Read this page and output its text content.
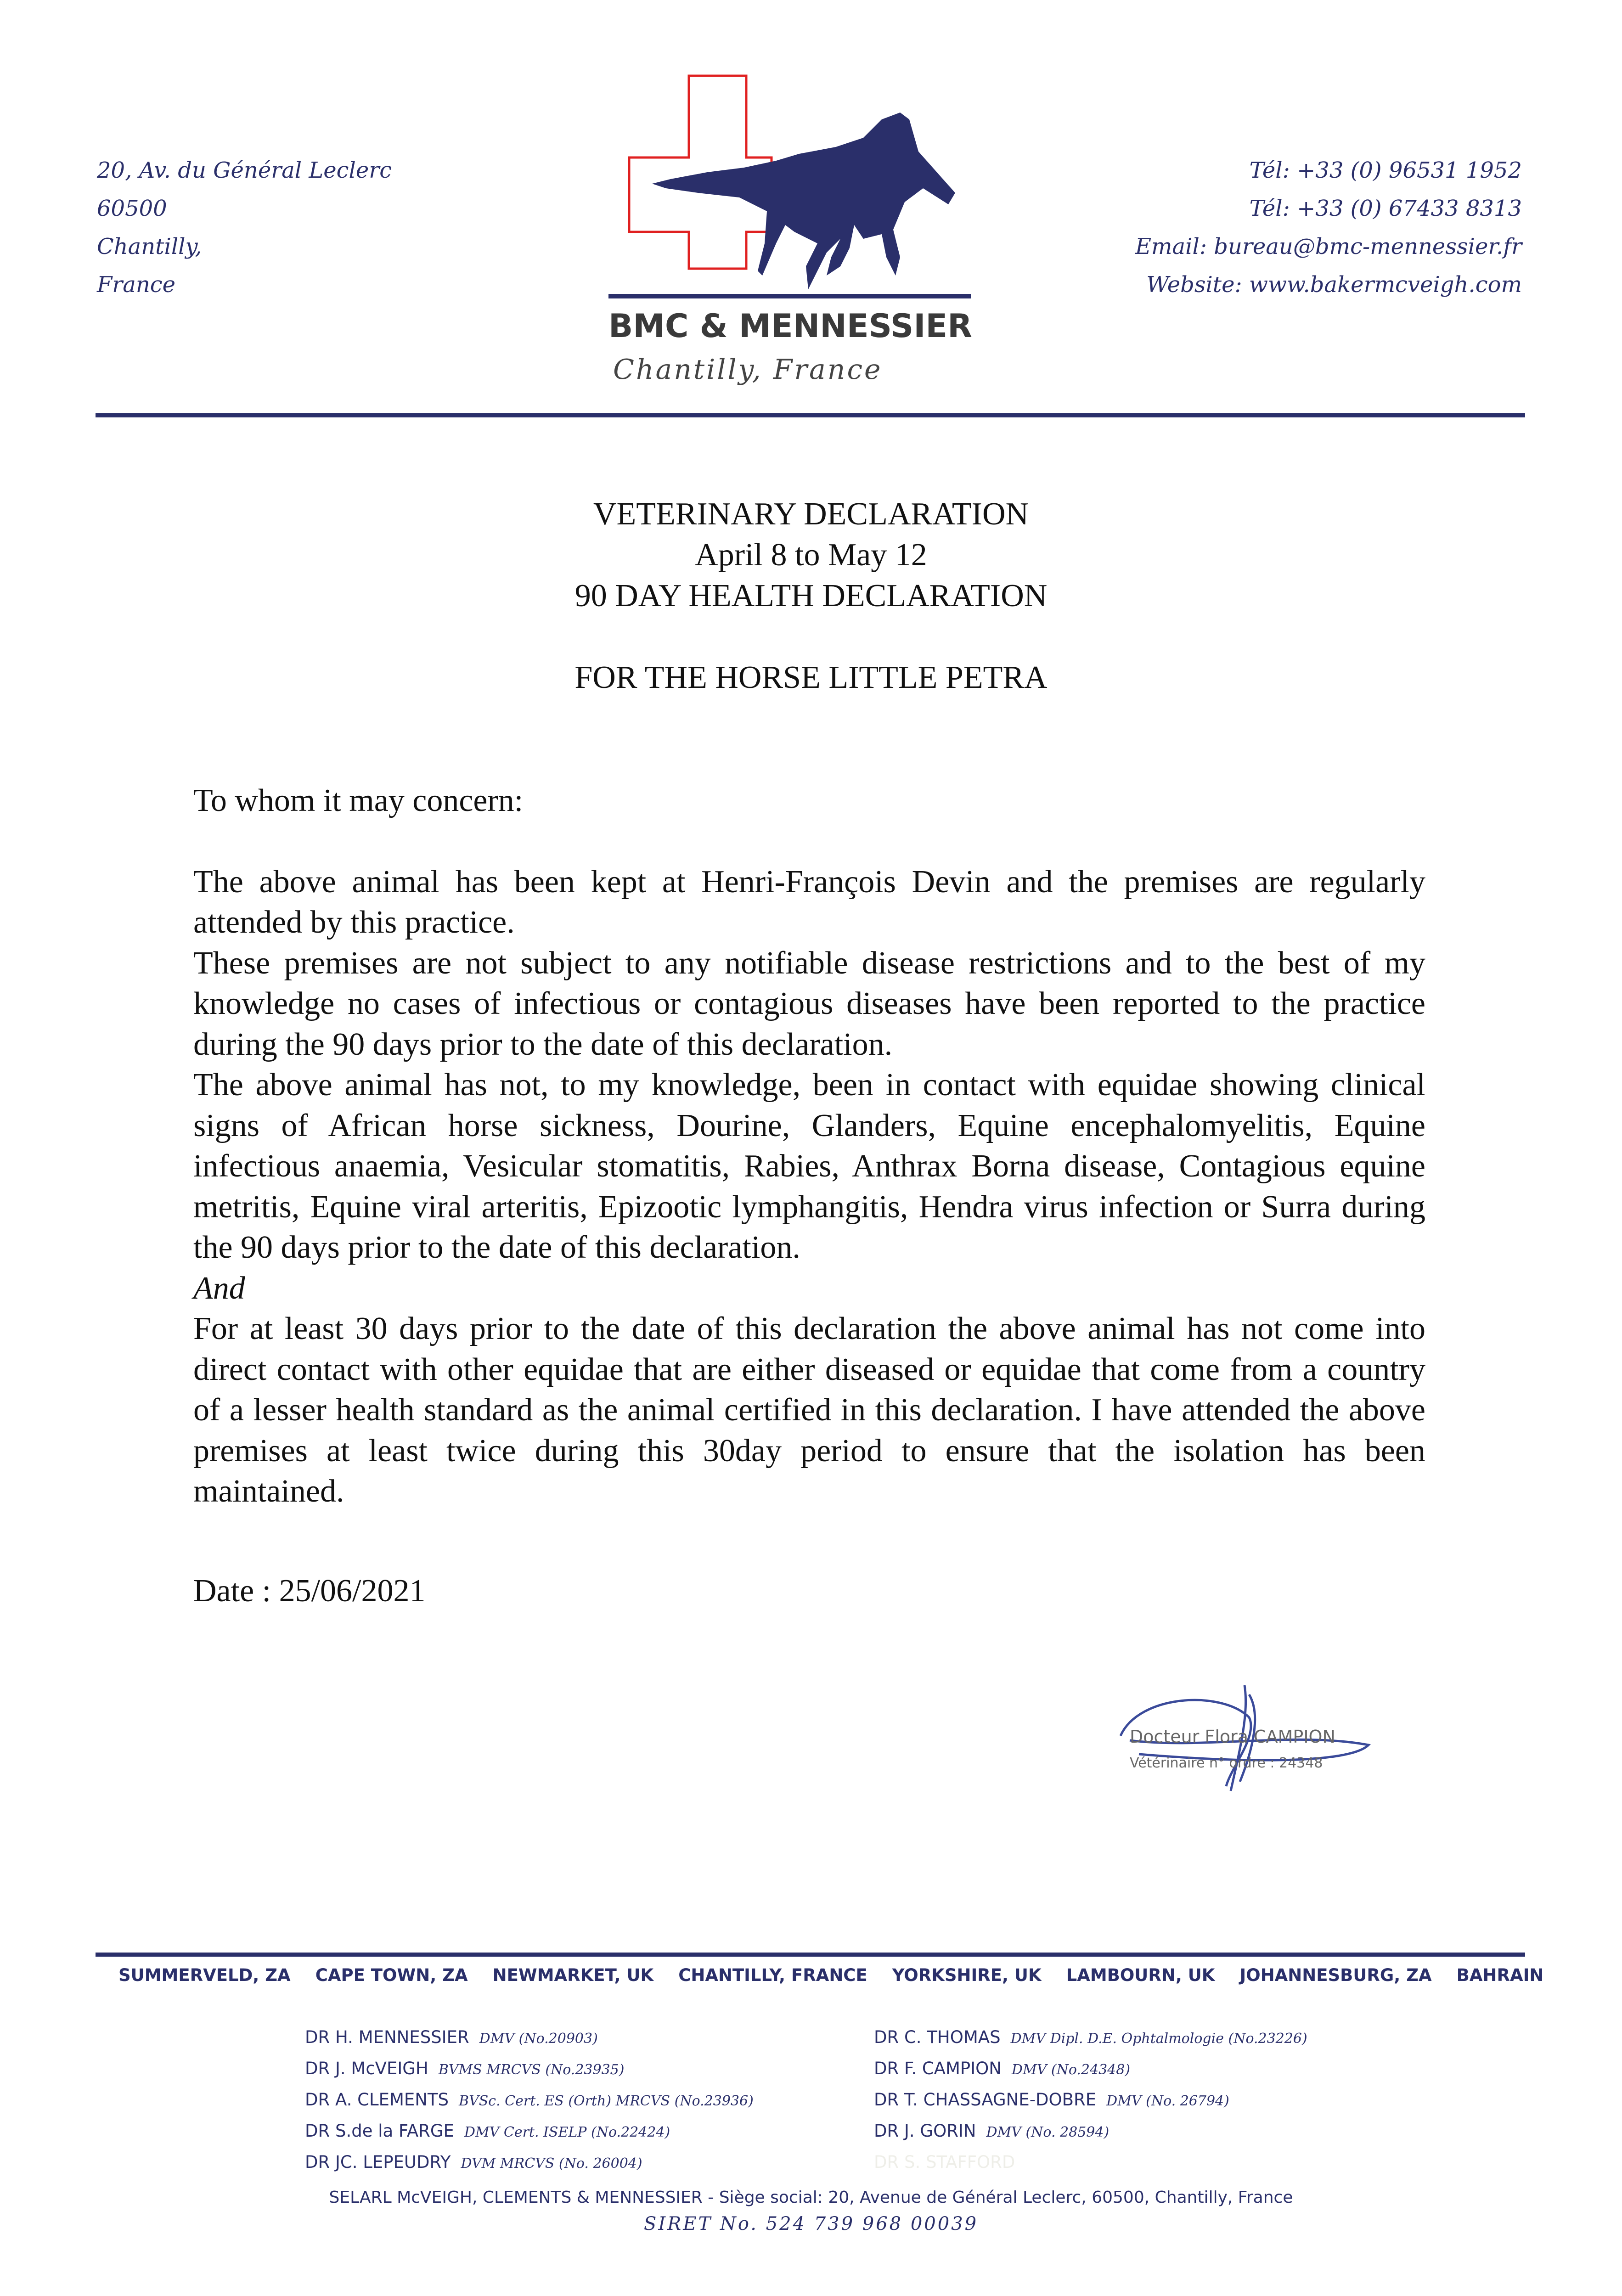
20, Av. du Général Leclerc
60500
Chantilly,
France
Tél: +33 (0) 96531 1952
Tél: +33 (0) 67433 8313
Email: bureau@bmc-mennessier.fr
Website: www.bakermcveigh.com
BMC & MENNESSIER
Chantilly, France
VETERINARY DECLARATION
April 8 to May 12
90 DAY HEALTH DECLARATION
FOR THE HORSE LITTLE PETRA

To whom it may concern:

The above animal has been kept at Henri-François Devin and the premises are regularly attended by this practice.

These premises are not subject to any notifiable disease restrictions and to the best of my knowledge no cases of infectious or contagious diseases have been reported to the practice during the 90 days prior to the date of this declaration.

The above animal has not, to my knowledge, been in contact with equidae showing clinical signs of African horse sickness, Dourine, Glanders, Equine encephalomyelitis, Equine infectious anaemia, Vesicular stomatitis, Rabies, Anthrax Borna disease, Contagious equine metritis, Equine viral arteritis, Epizootic lymphangitis, Hendra virus infection or Surra during the 90 days prior to the date of this declaration.

And

For at least 30 days prior to the date of this declaration the above animal has not come into direct contact with other equidae that are either diseased or equidae that come from a country of a lesser health standard as the animal certified in this declaration. I have attended the above premises at least twice during this 30day period to ensure that the isolation has been maintained.

Date : 25/06/2021

Docteur Flora CAMPION
Vétérinaire n° ordre : 24348
SUMMERVELD, ZA CAPE TOWN, ZA NEWMARKET, UK CHANTILLY, FRANCE YORKSHIRE, UK LAMBOURN, UK JOHANNESBURG, ZA BAHRAIN
DR H. MENNESSIER DMV (No.20903)
DR J. McVEIGH BVMS MRCVS (No.23935)
DR A. CLEMENTS BVSc. Cert. ES (Orth) MRCVS (No.23936)
DR S.de la FARGE DMV Cert. ISELP (No.22424)
DR JC. LEPEUDRY DVM MRCVS (No. 26004)
DR C. THOMAS DMV Dipl. D.E. Ophtalmologie (No.23226)
DR F. CAMPION DMV (No.24348)
DR T. CHASSAGNE-DOBRE DMV (No. 26794)
DR J. GORIN DMV (No. 28594)
DR S. STAFFORD
SELARL McVEIGH, CLEMENTS & MENNESSIER - Siège social: 20, Avenue de Général Leclerc, 60500, Chantilly, France
SIRET No. 524 739 968 00039
